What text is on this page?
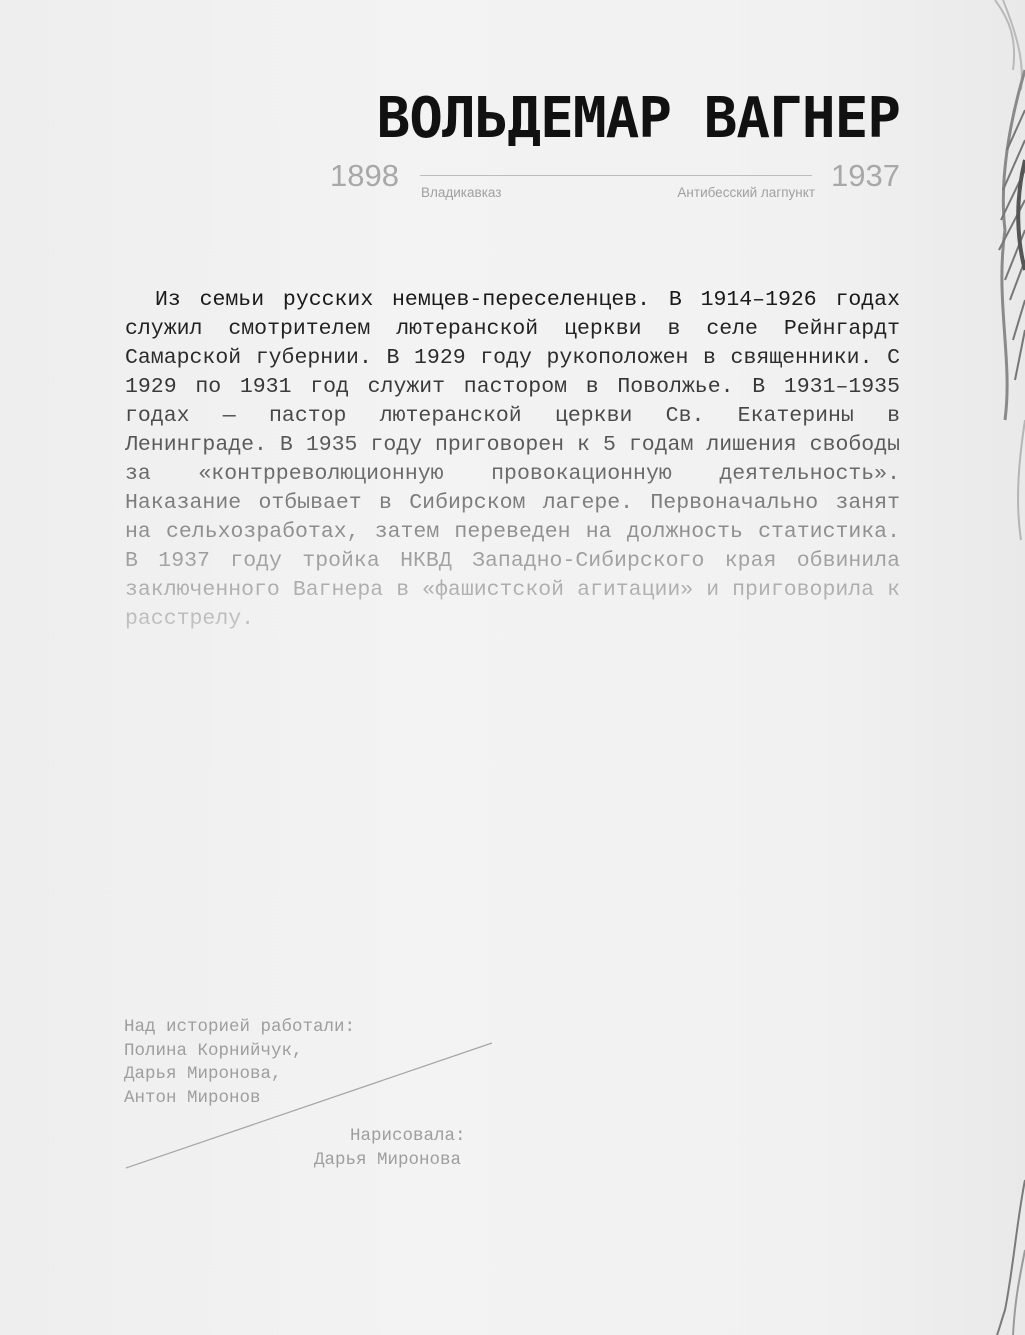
ВОЛЬДЕМАР ВАГНЕР
1898 Владикавказ	Антибесский лагпункт 1937

Из семьи русских немцев-переселенцев. В 1914–1926 годах служил смотрителем лютеранской церкви в селе Рейнгардт Самарской губернии. В 1929 году рукоположен в священники. С 1929 по 1931 год служит пастором в Поволжье. В 1931–1935 годах — пастор лютеранской церкви Св. Екатерины в Ленинграде. В 1935 году приговорен к 5 годам лишения свободы за «контрреволюционную провокационную деятельность». Наказание отбывает в Сибирском лагере. Первоначально занят на сельхозработах, затем переведен на должность статистика. В 1937 году тройка НКВД Западно-Сибирского края обвинила заключенного Вагнера в «фашистской агитации» и приговорила к расстрелу.

Над историей работали:
Полина Корнийчук,
Дарья Миронова,
Антон Миронов
Нарисовала:
Дарья Миронова
